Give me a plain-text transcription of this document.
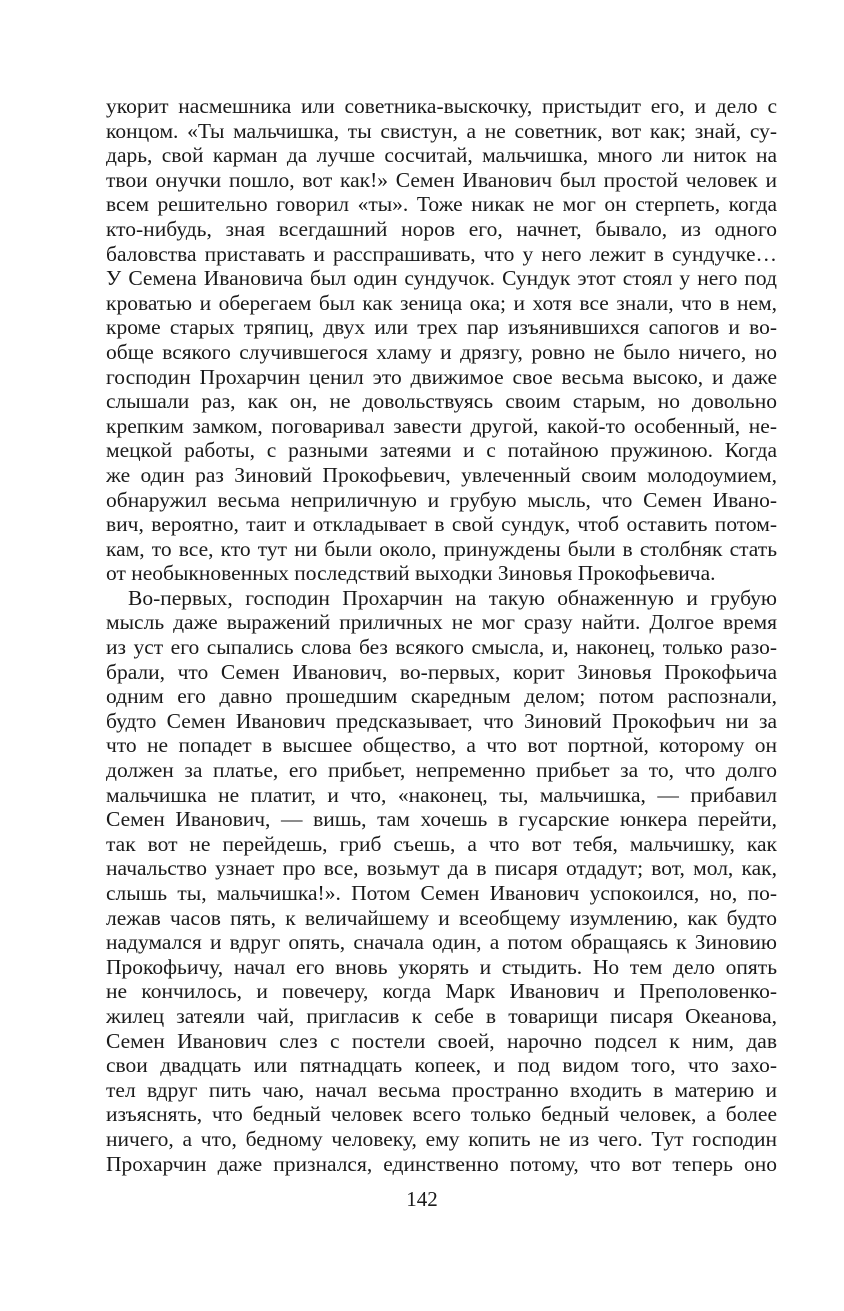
укорит насмешника или советника-выскочку, пристыдит его, и дело с
концом. «Ты мальчишка, ты свистун, а не советник, вот как; знай, су-
дарь, свой карман да лучше сосчитай, мальчишка, много ли ниток на
твои онучки пошло, вот как!» Семен Иванович был простой человек и
всем решительно говорил «ты». Тоже никак не мог он стерпеть, когда
кто-нибудь, зная всегдашний норов его, начнет, бывало, из одного
баловства приставать и расспрашивать, что у него лежит в сундучке…
У Семена Ивановича был один сундучок. Сундук этот стоял у него под
кроватью и оберегаем был как зеница ока; и хотя все знали, что в нем,
кроме старых тряпиц, двух или трех пар изъянившихся сапогов и во-
обще всякого случившегося хламу и дрязгу, ровно не было ничего, но
господин Прохарчин ценил это движимое свое весьма высоко, и даже
слышали раз, как он, не довольствуясь своим старым, но довольно
крепким замком, поговаривал завести другой, какой-то особенный, не-
мецкой работы, с разными затеями и с потайною пружиною. Когда
же один раз Зиновий Прокофьевич, увлеченный своим молодоумием,
обнаружил весьма неприличную и грубую мысль, что Семен Ивано-
вич, вероятно, таит и откладывает в свой сундук, чтоб оставить потом-
кам, то все, кто тут ни были около, принуждены были в столбняк стать
от необыкновенных последствий выходки Зиновья Прокофьевича.
Во-первых, господин Прохарчин на такую обнаженную и грубую
мысль даже выражений приличных не мог сразу найти. Долгое время
из уст его сыпались слова без всякого смысла, и, наконец, только разо-
брали, что Семен Иванович, во-первых, корит Зиновья Прокофьича
одним его давно прошедшим скаредным делом; потом распознали,
будто Семен Иванович предсказывает, что Зиновий Прокофьич ни за
что не попадет в высшее общество, а что вот портной, которому он
должен за платье, его прибьет, непременно прибьет за то, что долго
мальчишка не платит, и что, «наконец, ты, мальчишка, — прибавил
Семен Иванович, — вишь, там хочешь в гусарские юнкера перейти,
так вот не перейдешь, гриб съешь, а что вот тебя, мальчишку, как
начальство узнает про все, возьмут да в писаря отдадут; вот, мол, как,
слышь ты, мальчишка!». Потом Семен Иванович успокоился, но, по-
лежав часов пять, к величайшему и всеобщему изумлению, как будто
надумался и вдруг опять, сначала один, а потом обращаясь к Зиновию
Прокофьичу, начал его вновь укорять и стыдить. Но тем дело опять
не кончилось, и повечеру, когда Марк Иванович и Преполовенко-
жилец затеяли чай, пригласив к себе в товарищи писаря Океанова,
Семен Иванович слез с постели своей, нарочно подсел к ним, дав
свои двадцать или пятнадцать копеек, и под видом того, что захо-
тел вдруг пить чаю, начал весьма пространно входить в материю и
изъяснять, что бедный человек всего только бедный человек, а более
ничего, а что, бедному человеку, ему копить не из чего. Тут господин
Прохарчин даже признался, единственно потому, что вот теперь оно
142
